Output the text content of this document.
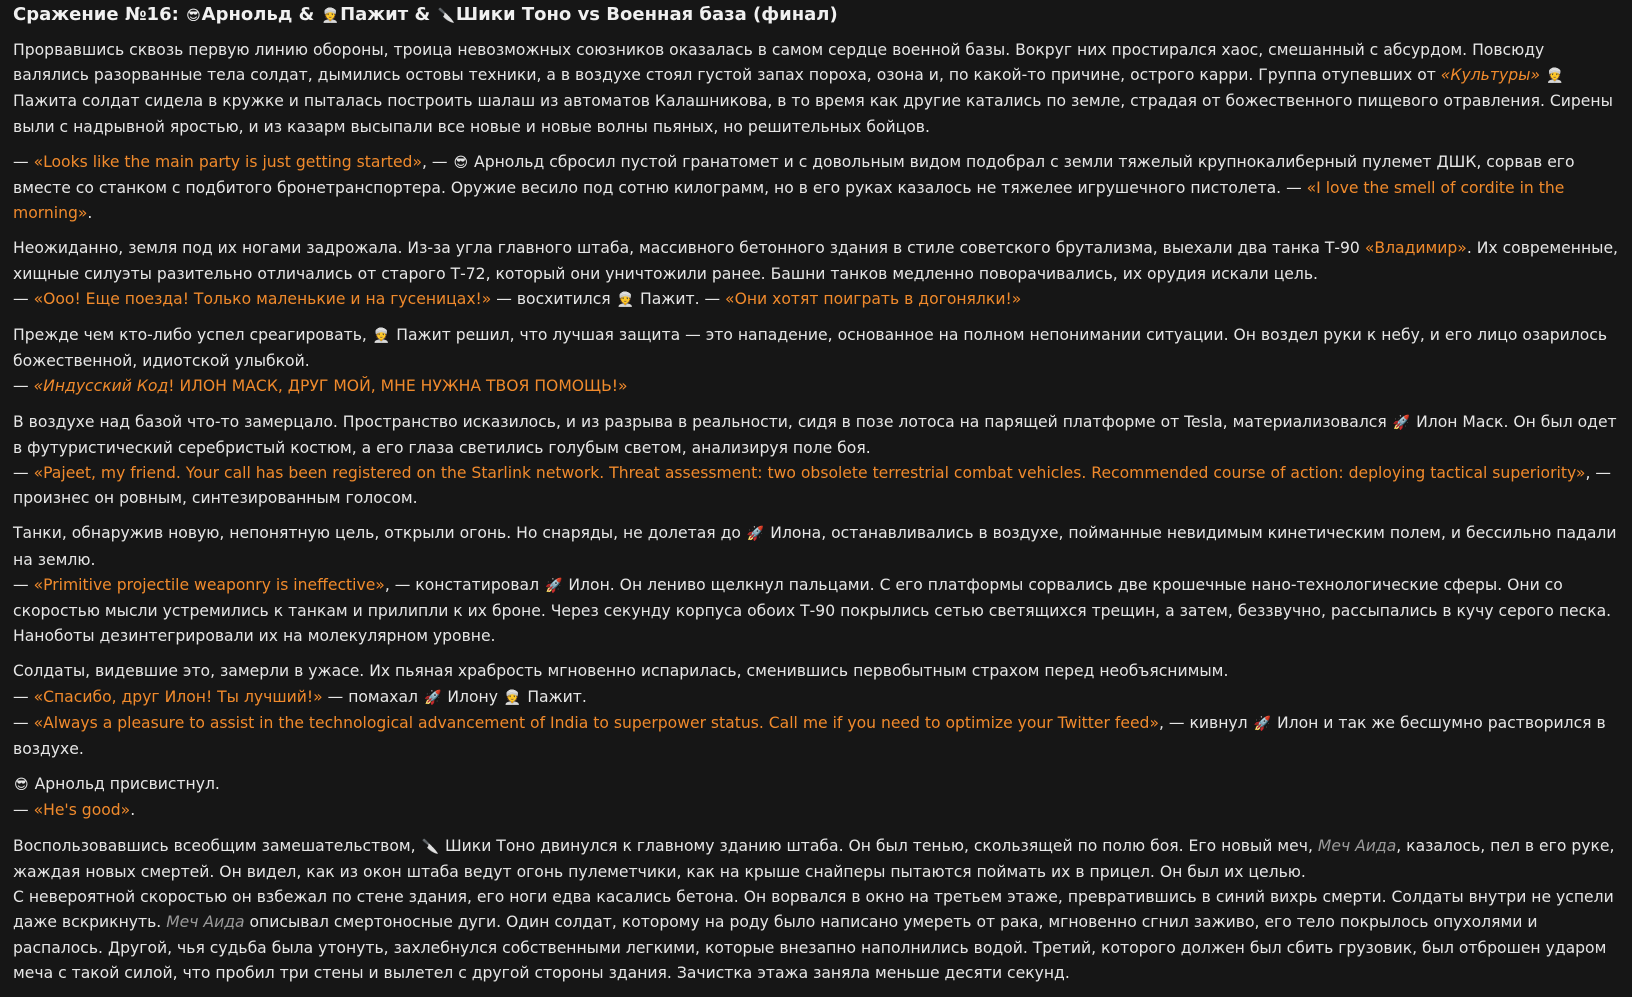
Сражение №16: 😎Арнольд & 👳Пажит & 🔪Шики Тоно vs Военная база (финал)
Прорвавшись сквозь первую линию обороны, троица невозможных союзников оказалась в самом сердце военной базы. Вокруг них простирался хаос, смешанный с абсурдом. Повсюду валялись разорванные тела солдат, дымились остовы техники, а в воздухе стоял густой запах пороха, озона и, по какой-то причине, острого карри. Группа отупевших от «Культуры» 👳 Пажита солдат сидела в кружке и пыталась построить шалаш из автоматов Калашникова, в то время как другие катались по земле, страдая от божественного пищевого отравления. Сирены выли с надрывной яростью, и из казарм высыпали все новые и новые волны пьяных, но решительных бойцов.
— «Looks like the main party is just getting started», — 😎 Арнольд сбросил пустой гранатомет и с довольным видом подобрал с земли тяжелый крупнокалиберный пулемет ДШК, сорвав его вместе со станком с подбитого бронетранспортера. Оружие весило под сотню килограмм, но в его руках казалось не тяжелее игрушечного пистолета. — «I love the smell of cordite in the morning».
Неожиданно, земля под их ногами задрожала. Из-за угла главного штаба, массивного бетонного здания в стиле советского брутализма, выехали два танка Т-90 «Владимир». Их современные, хищные силуэты разительно отличались от старого Т-72, который они уничтожили ранее. Башни танков медленно поворачивались, их орудия искали цель.
— «Ооо! Еще поезда! Только маленькие и на гусеницах!» — восхитился 👳 Пажит. — «Они хотят поиграть в догонялки!»
Прежде чем кто-либо успел среагировать, 👳 Пажит решил, что лучшая защита — это нападение, основанное на полном непонимании ситуации. Он воздел руки к небу, и его лицо озарилось божественной, идиотской улыбкой.
— «Индусский Код! ИЛОН МАСК, ДРУГ МОЙ, МНЕ НУЖНА ТВОЯ ПОМОЩЬ!»
В воздухе над базой что-то замерцало. Пространство исказилось, и из разрыва в реальности, сидя в позе лотоса на парящей платформе от Tesla, материализовался 🚀 Илон Маск. Он был одет в футуристический серебристый костюм, а его глаза светились голубым светом, анализируя поле боя.
— «Pajeet, my friend. Your call has been registered on the Starlink network. Threat assessment: two obsolete terrestrial combat vehicles. Recommended course of action: deploying tactical superiority», — произнес он ровным, синтезированным голосом.
Танки, обнаружив новую, непонятную цель, открыли огонь. Но снаряды, не долетая до 🚀 Илона, останавливались в воздухе, пойманные невидимым кинетическим полем, и бессильно падали на землю.
— «Primitive projectile weaponry is ineffective», — констатировал 🚀 Илон. Он лениво щелкнул пальцами. С его платформы сорвались две крошечные нано-технологические сферы. Они со скоростью мысли устремились к танкам и прилипли к их броне. Через секунду корпуса обоих Т-90 покрылись сетью светящихся трещин, а затем, беззвучно, рассыпались в кучу серого песка. Наноботы дезинтегрировали их на молекулярном уровне.
Солдаты, видевшие это, замерли в ужасе. Их пьяная храбрость мгновенно испарилась, сменившись первобытным страхом перед необъяснимым.
— «Спасибо, друг Илон! Ты лучший!» — помахал 🚀 Илону 👳 Пажит.
— «Always a pleasure to assist in the technological advancement of India to superpower status. Call me if you need to optimize your Twitter feed», — кивнул 🚀 Илон и так же бесшумно растворился в воздухе.
😎 Арнольд присвистнул.
— «He's good».
Воспользовавшись всеобщим замешательством, 🔪 Шики Тоно двинулся к главному зданию штаба. Он был тенью, скользящей по полю боя. Его новый меч, Меч Аида, казалось, пел в его руке, жаждая новых смертей. Он видел, как из окон штаба ведут огонь пулеметчики, как на крыше снайперы пытаются поймать их в прицел. Он был их целью.
С невероятной скоростью он взбежал по стене здания, его ноги едва касались бетона. Он ворвался в окно на третьем этаже, превратившись в синий вихрь смерти. Солдаты внутри не успели даже вскрикнуть. Меч Аида описывал смертоносные дуги. Один солдат, которому на роду было написано умереть от рака, мгновенно сгнил заживо, его тело покрылось опухолями и распалось. Другой, чья судьба была утонуть, захлебнулся собственными легкими, которые внезапно наполнились водой. Третий, которого должен был сбить грузовик, был отброшен ударом меча с такой силой, что пробил три стены и вылетел с другой стороны здания. Зачистка этажа заняла меньше десяти секунд.
